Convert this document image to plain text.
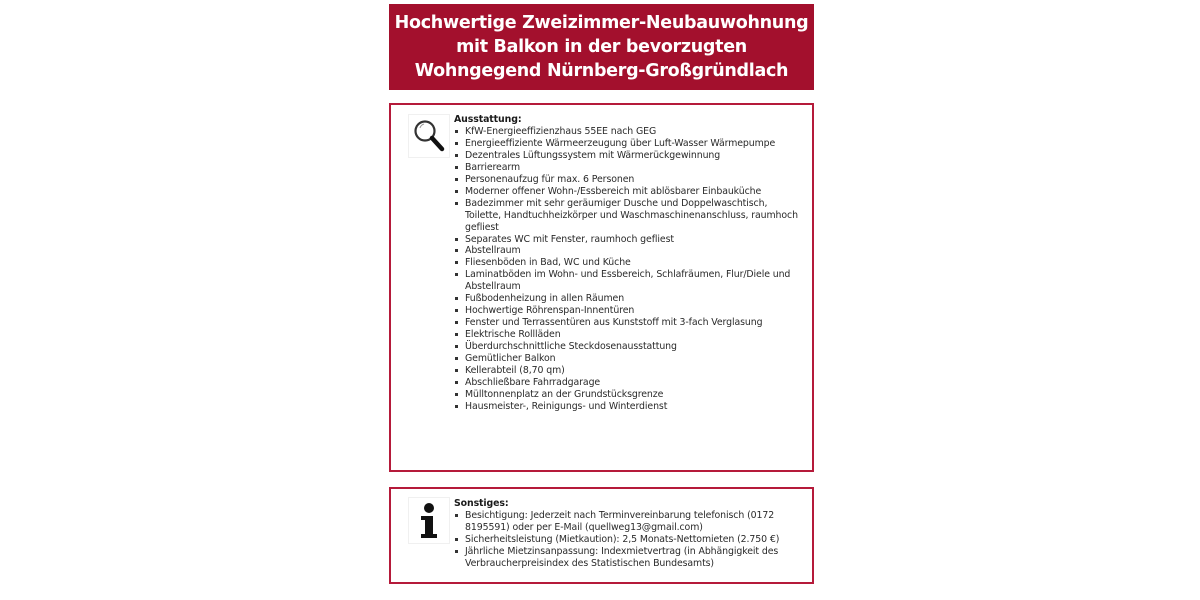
Hochwertige Zweizimmer-Neubauwohnung
mit Balkon in der bevorzugten
Wohngegend Nürnberg-Großgründlach
Ausstattung:
KfW-Energieeffizienzhaus 55EE nach GEG
Energieeffiziente Wärmeerzeugung über Luft-Wasser Wärmepumpe
Dezentrales Lüftungssystem mit Wärmerückgewinnung
Barrierearm
Personenaufzug für max. 6 Personen
Moderner offener Wohn-/Essbereich mit ablösbarer Einbauküche
Badezimmer mit sehr geräumiger Dusche und Doppelwaschtisch, Toilette, Handtuchheizkörper und Waschmaschinenanschluss, raumhoch gefliest
Separates WC mit Fenster, raumhoch gefliest
Abstellraum
Fliesenböden in Bad, WC und Küche
Laminatböden im Wohn- und Essbereich, Schlafräumen, Flur/Diele und Abstellraum
Fußbodenheizung in allen Räumen
Hochwertige Röhrenspan-Innentüren
Fenster und Terrassentüren aus Kunststoff mit 3-fach Verglasung
Elektrische Rollläden
Überdurchschnittliche Steckdosenausstattung
Gemütlicher Balkon
Kellerabteil (8,70 qm)
Abschließbare Fahrradgarage
Mülltonnenplatz an der Grundstücksgrenze
Hausmeister-, Reinigungs- und Winterdienst
Sonstiges:
Besichtigung: Jederzeit nach Terminvereinbarung telefonisch (0172 8195591) oder per E-Mail (quellweg13@gmail.com)
Sicherheitsleistung (Mietkaution): 2,5 Monats-Nettomieten (2.750 €)
Jährliche Mietzinsanpassung: Indexmietvertrag (in Abhängigkeit des Verbraucherpreisindex des Statistischen Bundesamts)
